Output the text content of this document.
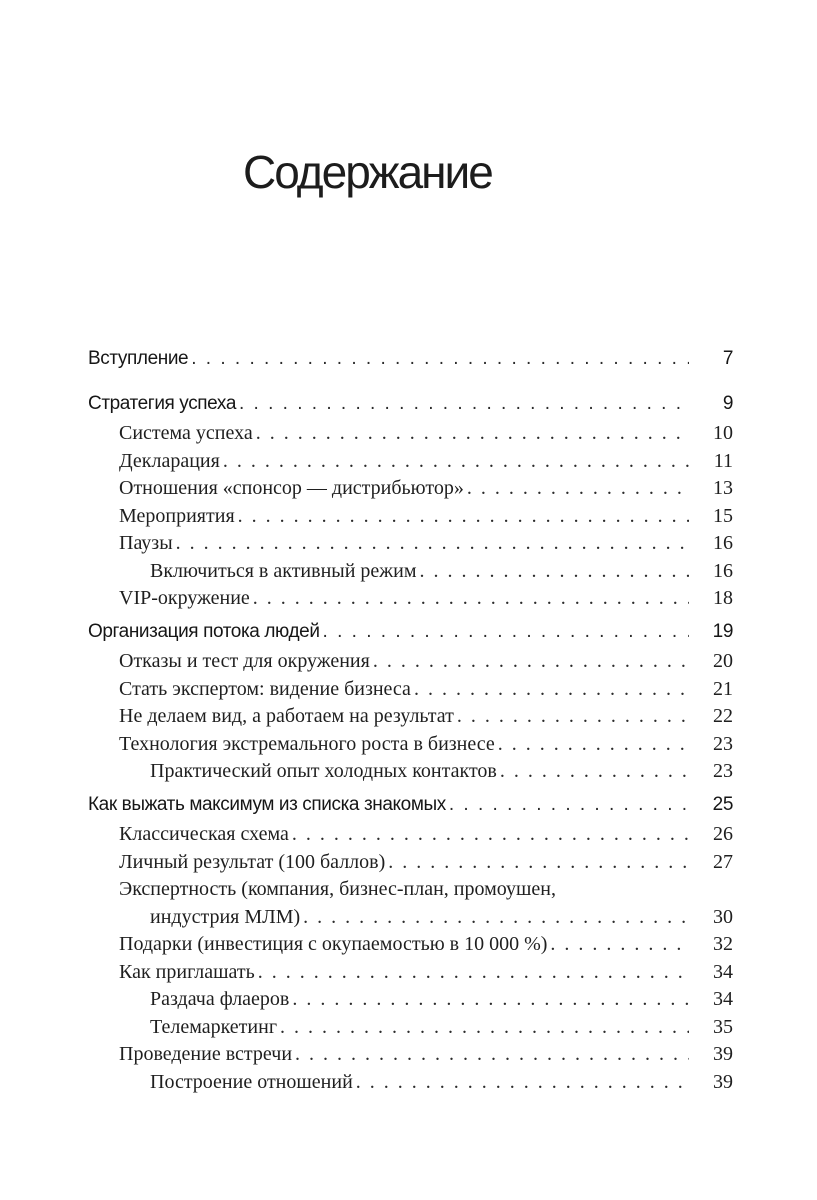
Содержание
Вступление . . .	7
Стратегия успеха . . .	9
Система успеха . . .	10
Декларация . . .	11
Отношения «спонсор — дистрибьютор» . . .	13
Мероприятия . . .	15
Паузы . . .	16
Включиться в активный режим . . .	16
VIP-окружение . . .	18
Организация потока людей . . .	19
Отказы и тест для окружения . . .	20
Стать экспертом: видение бизнеса . . .	21
Не делаем вид, а работаем на результат . . .	22
Технология экстремального роста в бизнесе . . .	23
Практический опыт холодных контактов . . .	23
Как выжать максимум из списка знакомых . . .	25
Классическая схема . . .	26
Личный результат (100 баллов) . . .	27
Экспертность (компания, бизнес-план, промоушен,
индустрия МЛМ) . . .	30
Подарки (инвестиция с окупаемостью в 10 000 %) . . .	32
Как приглашать . . .	34
Раздача флаеров . . .	34
Телемаркетинг . . .	35
Проведение встречи . . .	39
Построение отношений . . .	39
